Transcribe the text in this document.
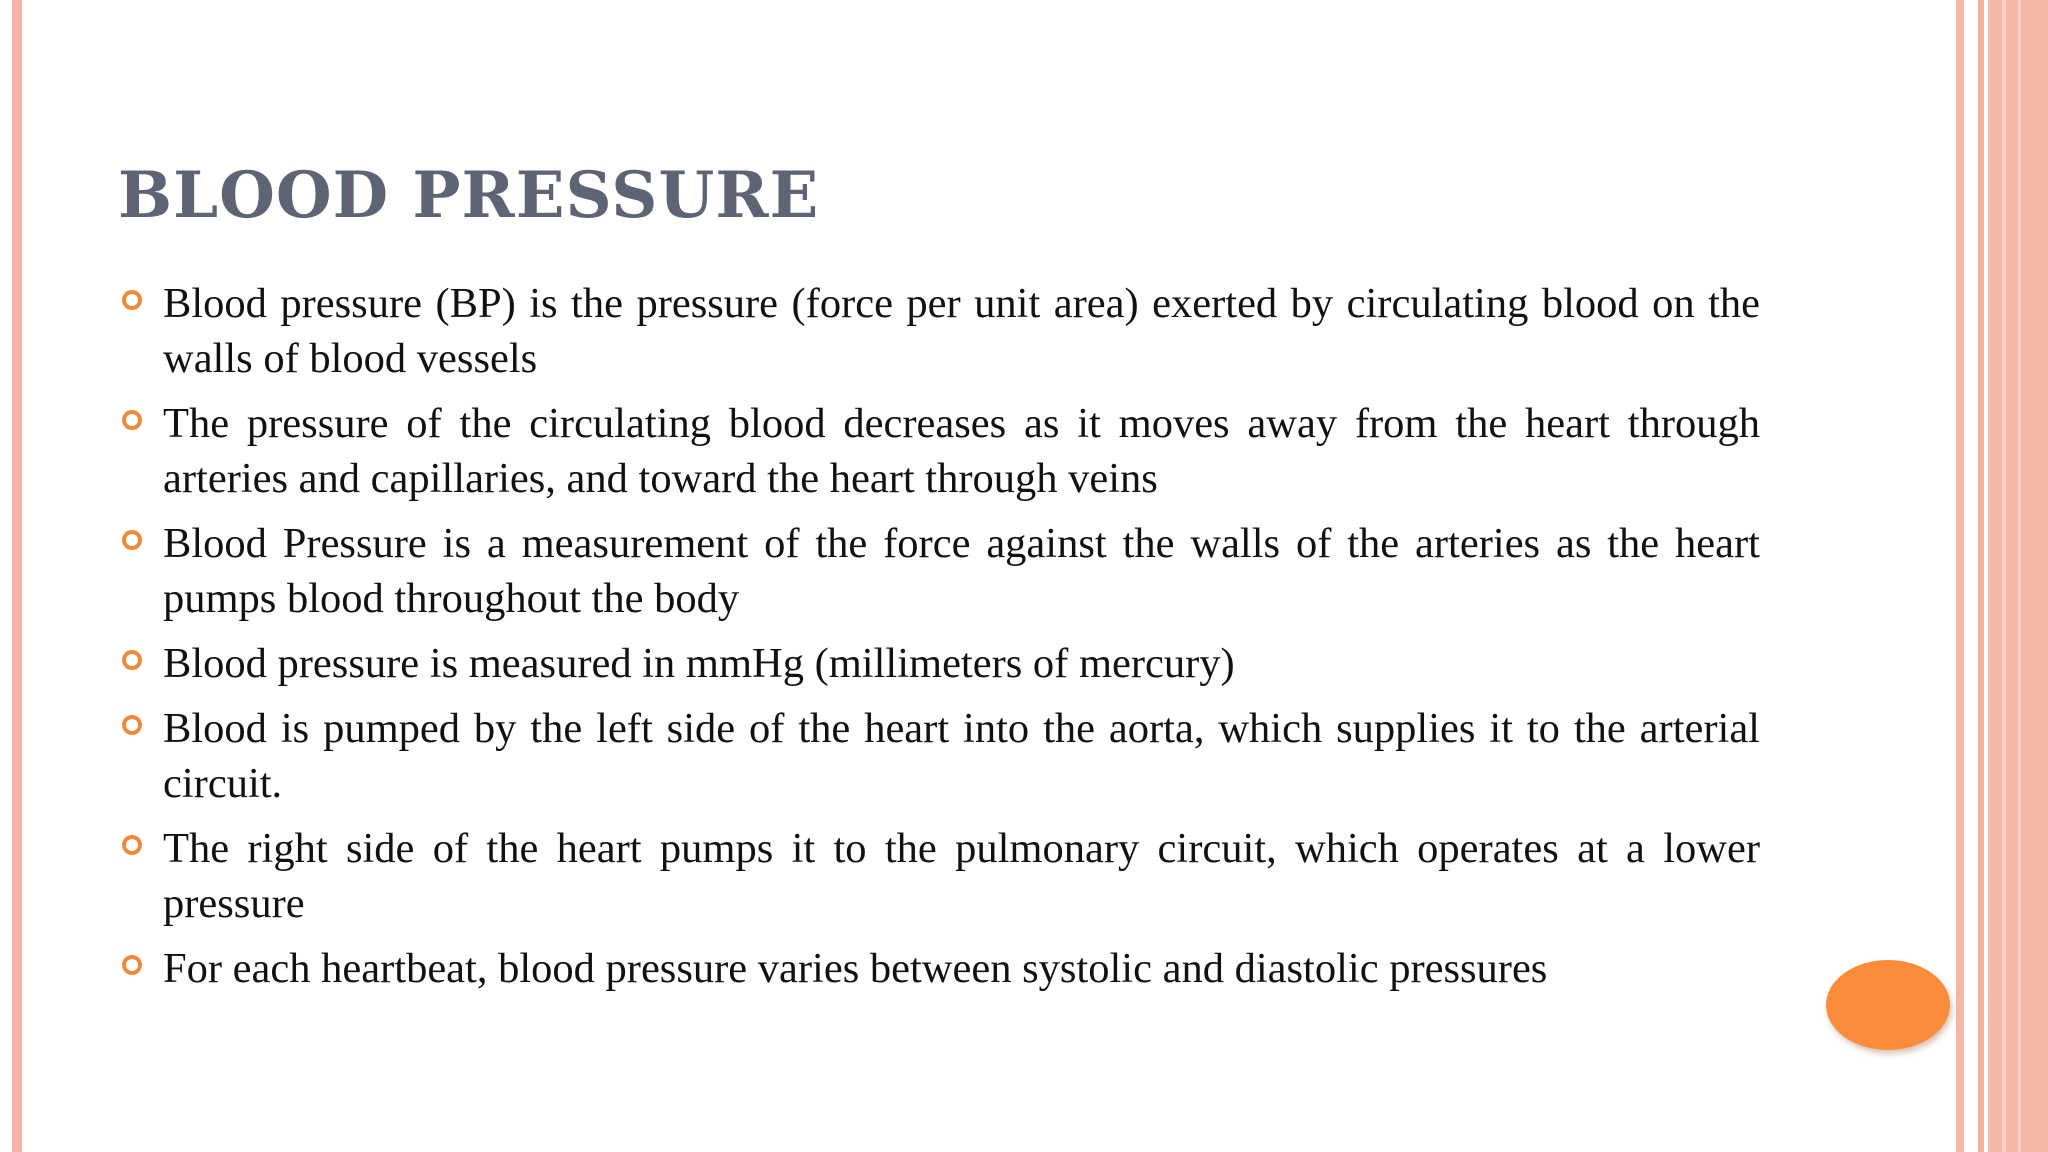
BLOOD PRESSURE
Blood pressure (BP) is the pressure (force per unit area) exerted by circulating blood on the walls of blood vessels
The pressure of the circulating blood decreases as it moves away from the heart through arteries and capillaries, and toward the heart through veins
Blood Pressure is a measurement of the force against the walls of the arteries as the heart pumps blood throughout the body
Blood pressure is measured in mmHg (millimeters of mercury)
Blood is pumped by the left side of the heart into the aorta, which supplies it to the arterial circuit.
The right side of the heart pumps it to the pulmonary circuit, which operates at a lower pressure
For each heartbeat, blood pressure varies between systolic and diastolic pressures
